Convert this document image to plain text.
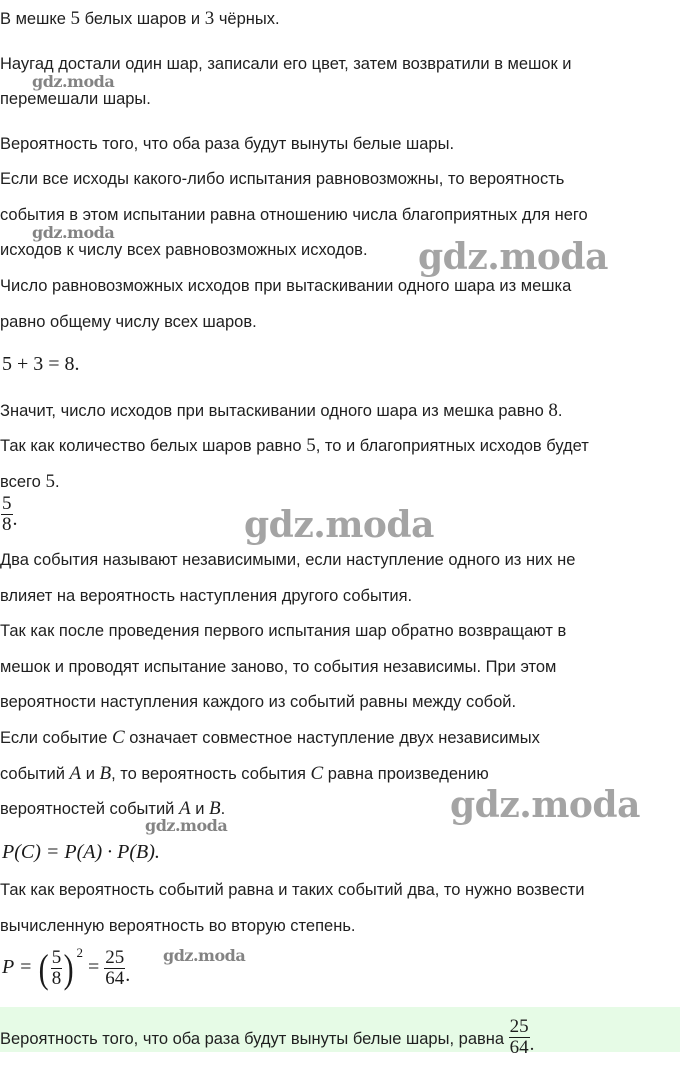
В мешке 5 белых шаров и 3 чёрных.
Наугад достали один шар, записали его цвет, затем возвратили в мешок и
перемешали шары.
Вероятность того, что оба раза будут вынуты белые шары.
Если все исходы какого-либо испытания равновозможны, то вероятность
события в этом испытании равна отношению числа благоприятных для него
исходов к числу всех равновозможных исходов.
Число равновозможных исходов при вытаскивании одного шара из мешка
равно общему числу всех шаров.
5 + 3 = 8.
Значит, число исходов при вытаскивании одного шара из мешка равно 8.
Так как количество белых шаров равно 5, то и благоприятных исходов будет
всего 5.
$\frac{5}{8}$ .
Два события называют независимыми, если наступление одного из них не
влияет на вероятность наступления другого события.
Так как после проведения первого испытания шар обратно возвращают в
мешок и проводят испытание заново, то события независимы. При этом
вероятности наступления каждого из событий равны между собой.
Если событие C означает совместное наступление двух независимых
событий A и B, то вероятность события C равна произведению
вероятностей событий A и B.
P(C) = P(A) · P(B).
Так как вероятность событий равна и таких событий два, то нужно возвести
вычисленную вероятность во вторую степень.
P = ( $\frac{5}{8}$ ) $^2 = \frac{25}{64}$ .
Вероятность того, что оба раза будут вынуты белые шары, равна $\frac{25}{64}$ .
gdz.moda
gdz.moda
gdz.moda
gdz.moda
gdz.moda
gdz.moda
gdz.moda
